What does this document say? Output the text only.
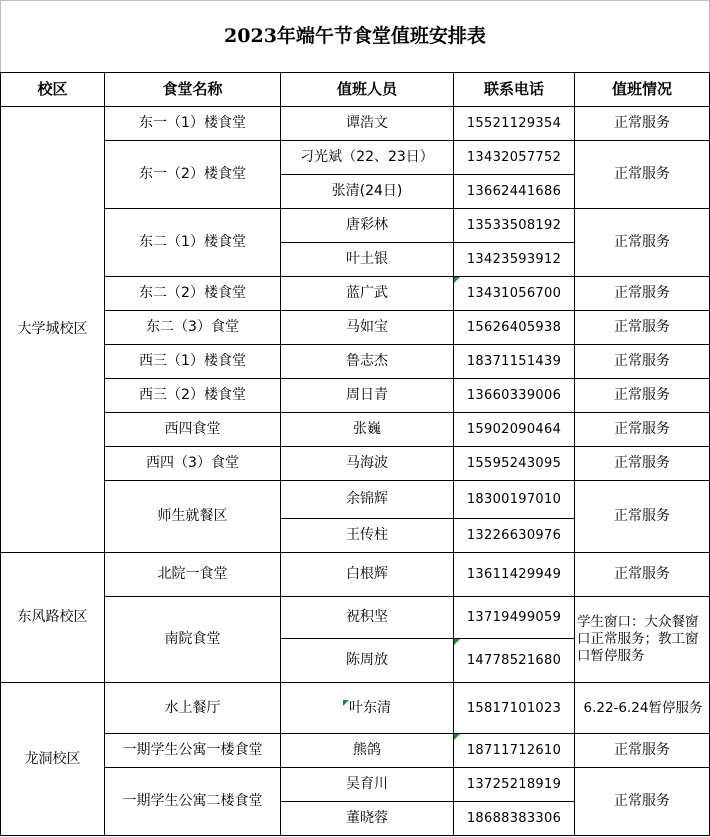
2023年端午节食堂值班安排表				
校区	食堂名称	值班人员	联系电话	值班情况
大学城校区	东一（1）楼食堂	谭浩文	15521129354	正常服务
	东一（2）楼食堂	刁光斌（22、23日）	13432057752	正常服务
		张清(24日)	13662441686	
	东二（1）楼食堂	唐彩林	13533508192	正常服务
		叶土银	13423593912	
	东二（2）楼食堂	蓝广武	13431056700	正常服务
	东二（3）食堂	马如宝	15626405938	正常服务
	西三（1）楼食堂	鲁志杰	18371151439	正常服务
	西三（2）楼食堂	周日青	13660339006	正常服务
	西四食堂	张巍	15902090464	正常服务
	西四（3）食堂	马海波	15595243095	正常服务
	师生就餐区	余锦辉	18300197010	正常服务
		王传柱	13226630976	
东风路校区	北院一食堂	白根辉	13611429949	正常服务
	南院食堂	祝积坚	13719499059	学生窗口：大众餐窗口正常服务；教工窗口暂停服务
		陈周放	14778521680	
龙洞校区	水上餐厅	叶东清	15817101023	6.22-6.24暂停服务
	一期学生公寓一楼食堂	熊鸽	18711712610	正常服务
	一期学生公寓二楼食堂	吴育川	13725218919	正常服务
		董晓蓉	18688383306	
